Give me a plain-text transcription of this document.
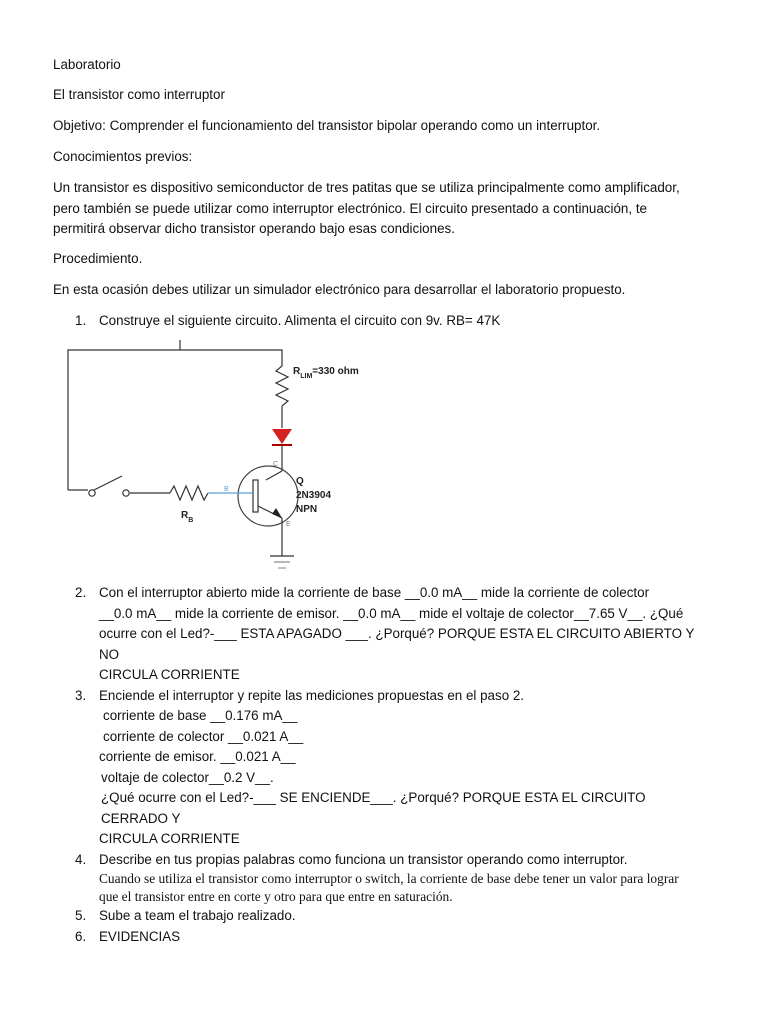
Laboratorio

El transistor como interruptor

Objetivo: Comprender el funcionamiento del transistor bipolar operando como un interruptor.

Conocimientos previos:

Un transistor es dispositivo semiconductor de tres patitas que se utiliza principalmente como amplificador,
pero también se puede utilizar como interruptor electrónico. El circuito presentado a continuación, te
permitirá observar dicho transistor operando bajo esas condiciones.

Procedimiento.

En esta ocasión debes utilizar un simulador electrónico para desarrollar el laboratorio propuesto.

1. Construye el siguiente circuito. Alimenta el circuito con 9v. RB= 47K
$R_{LIM}=330$ ohm
C
B
E
Q
2N3904
NPN
$R_B$
2. Con el interruptor abierto mide la corriente de base __0.0 mA__ mide la corriente de colector
__0.0 mA__ mide la corriente de emisor. __0.0 mA__ mide el voltaje de colector__7.65 V__. ¿Qué
ocurre con el Led?-___ ESTA APAGADO ___. ¿Porqué? PORQUE ESTA EL CIRCUITO ABIERTO Y NO
CIRCULA CORRIENTE
3. Enciende el interruptor y repite las mediciones propuestas en el paso 2.
corriente de base __0.176 mA__
corriente de colector __0.021 A__
corriente de emisor. __0.021 A__
voltaje de colector__0.2 V__.
¿Qué ocurre con el Led?-___ SE ENCIENDE___. ¿Porqué? PORQUE ESTA EL CIRCUITO CERRADO Y
CIRCULA CORRIENTE
4. Describe en tus propias palabras como funciona un transistor operando como interruptor.
Cuando se utiliza el transistor como interruptor o switch, la corriente de base debe tener un valor para lograr
que el transistor entre en corte y otro para que entre en saturación.
5. Sube a team el trabajo realizado.
6. EVIDENCIAS
